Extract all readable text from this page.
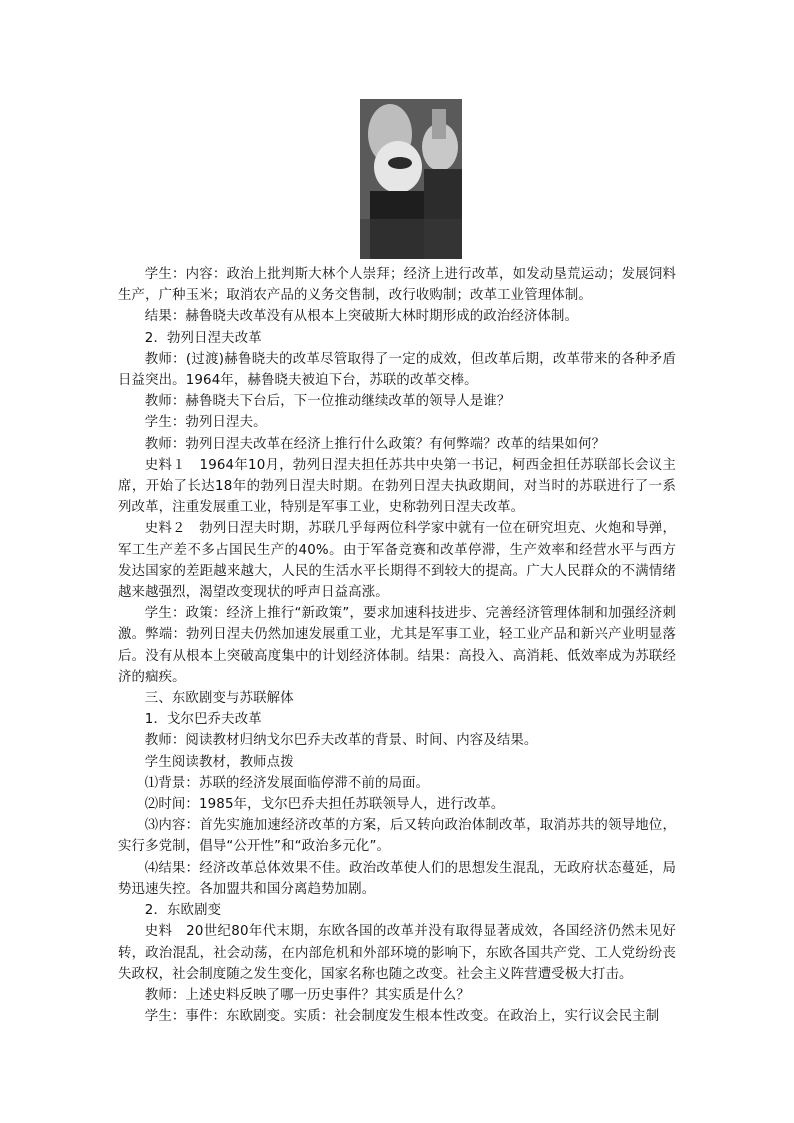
学生：内容：政治上批判斯大林个人崇拜；经济上进行改革，如发动垦荒运动；发展饲料生产，广种玉米；取消农产品的义务交售制，改行收购制；改革工业管理体制。

结果：赫鲁晓夫改革没有从根本上突破斯大林时期形成的政治经济体制。

2．勃列日涅夫改革

教师：(过渡)赫鲁晓夫的改革尽管取得了一定的成效，但改革后期，改革带来的各种矛盾日益突出。1964年，赫鲁晓夫被迫下台，苏联的改革交棒。

教师：赫鲁晓夫下台后，下一位推动继续改革的领导人是谁？

学生：勃列日涅夫。

教师：勃列日涅夫改革在经济上推行什么政策？有何弊端？改革的结果如何？

史料１　1964年10月，勃列日涅夫担任苏共中央第一书记，柯西金担任苏联部长会议主席，开始了长达18年的勃列日涅夫时期。在勃列日涅夫执政期间，对当时的苏联进行了一系列改革，注重发展重工业，特别是军事工业，史称勃列日涅夫改革。

史料２　勃列日涅夫时期，苏联几乎每两位科学家中就有一位在研究坦克、火炮和导弹，军工生产差不多占国民生产的40%。由于军备竞赛和改革停滞，生产效率和经营水平与西方发达国家的差距越来越大，人民的生活水平长期得不到较大的提高。广大人民群众的不满情绪越来越强烈，渴望改变现状的呼声日益高涨。

学生：政策：经济上推行“新政策”，要求加速科技进步、完善经济管理体制和加强经济刺激。弊端：勃列日涅夫仍然加速发展重工业，尤其是军事工业，轻工业产品和新兴产业明显落后。没有从根本上突破高度集中的计划经济体制。结果：高投入、高消耗、低效率成为苏联经济的痼疾。

三、东欧剧变与苏联解体

1．戈尔巴乔夫改革

教师：阅读教材归纳戈尔巴乔夫改革的背景、时间、内容及结果。

学生阅读教材，教师点拨

⑴背景：苏联的经济发展面临停滞不前的局面。

⑵时间：1985年，戈尔巴乔夫担任苏联领导人，进行改革。

⑶内容：首先实施加速经济改革的方案，后又转向政治体制改革，取消苏共的领导地位，实行多党制，倡导“公开性”和“政治多元化”。

⑷结果：经济改革总体效果不佳。政治改革使人们的思想发生混乱，无政府状态蔓延，局势迅速失控。各加盟共和国分离趋势加剧。

2．东欧剧变

史料　20世纪80年代末期，东欧各国的改革并没有取得显著成效，各国经济仍然未见好转，政治混乱，社会动荡，在内部危机和外部环境的影响下，东欧各国共产党、工人党纷纷丧失政权，社会制度随之发生变化，国家名称也随之改变。社会主义阵营遭受极大打击。

教师：上述史料反映了哪一历史事件？其实质是什么？

学生：事件：东欧剧变。实质：社会制度发生根本性改变。在政治上，实行议会民主制
